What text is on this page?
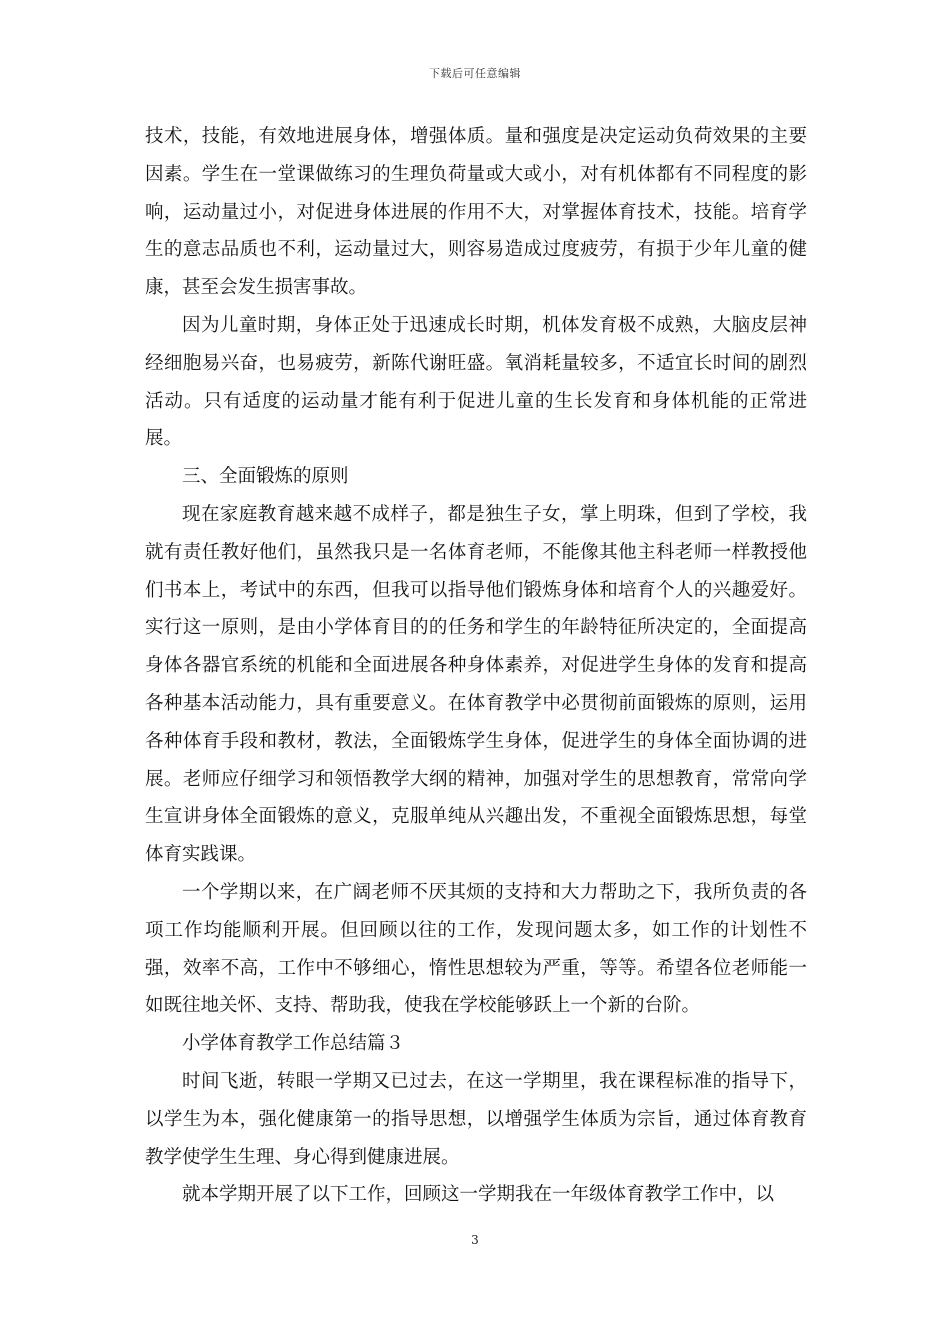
下载后可任意编辑

技术，技能，有效地进展身体，增强体质。量和强度是决定运动负荷效果的主要因素。学生在一堂课做练习的生理负荷量或大或小，对有机体都有不同程度的影响，运动量过小，对促进身体进展的作用不大，对掌握体育技术，技能。培育学生的意志品质也不利，运动量过大，则容易造成过度疲劳，有损于少年儿童的健康，甚至会发生损害事故。

因为儿童时期，身体正处于迅速成长时期，机体发育极不成熟，大脑皮层神经细胞易兴奋，也易疲劳，新陈代谢旺盛。氧消耗量较多，不适宜长时间的剧烈活动。只有适度的运动量才能有利于促进儿童的生长发育和身体机能的正常进展。

三、全面锻炼的原则

现在家庭教育越来越不成样子，都是独生子女，掌上明珠，但到了学校，我就有责任教好他们，虽然我只是一名体育老师，不能像其他主科老师一样教授他们书本上，考试中的东西，但我可以指导他们锻炼身体和培育个人的兴趣爱好。实行这一原则，是由小学体育目的的任务和学生的年龄特征所决定的，全面提高身体各器官系统的机能和全面进展各种身体素养，对促进学生身体的发育和提高各种基本活动能力，具有重要意义。在体育教学中必贯彻前面锻炼的原则，运用各种体育手段和教材，教法，全面锻炼学生身体，促进学生的身体全面协调的进展。老师应仔细学习和领悟教学大纲的精神，加强对学生的思想教育，常常向学生宣讲身体全面锻炼的意义，克服单纯从兴趣出发，不重视全面锻炼思想，每堂体育实践课。

一个学期以来，在广阔老师不厌其烦的支持和大力帮助之下，我所负责的各项工作均能顺利开展。但回顾以往的工作，发现问题太多，如工作的计划性不强，效率不高，工作中不够细心，惰性思想较为严重，等等。希望各位老师能一如既往地关怀、支持、帮助我，使我在学校能够跃上一个新的台阶。

小学体育教学工作总结篇３

时间飞逝，转眼一学期又已过去，在这一学期里，我在课程标准的指导下，以学生为本，强化健康第一的指导思想，以增强学生体质为宗旨，通过体育教育教学使学生生理、身心得到健康进展。

就本学期开展了以下工作，回顾这一学期我在一年级体育教学工作中，以

3
